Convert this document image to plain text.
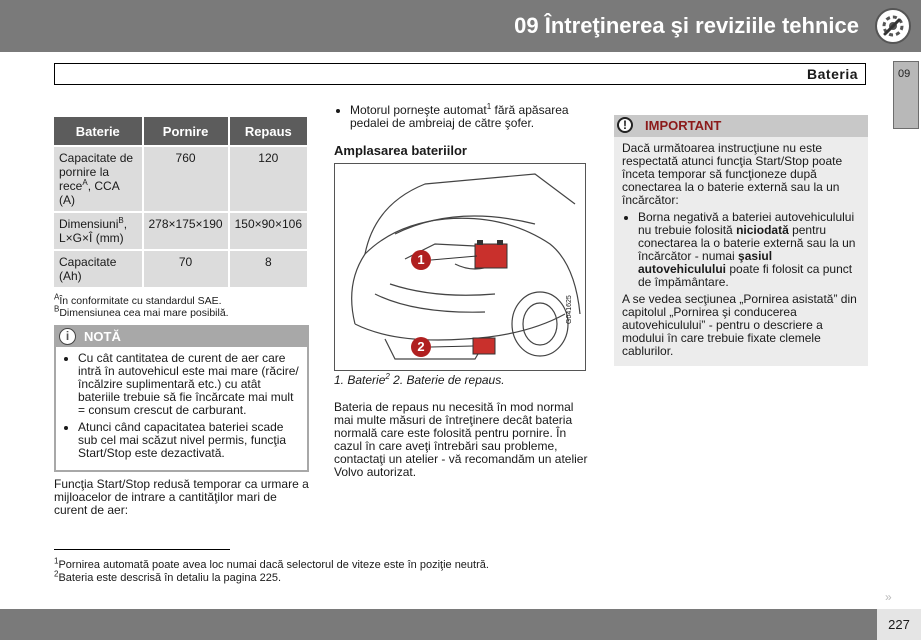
09 Întreţinerea şi reviziile tehnice
Bateria	09
Baterie	Pornire	Repaus
Capacitate de pornire la rece$^A$, CCA (A)	760	120
Dimensiuni$^B$, L×G×Î (mm)	278×175×190	150×90×106
Capacitate (Ah)	70	8
$^A$În conformitate cu standardul SAE.
$^B$Dimensiunea cea mai mare posibilă.
i	NOTĂ
• Cu cât cantitatea de curent de aer care intră în autovehicul este mai mare (răcire/încălzire suplimentară etc.) cu atât bateriile trebuie să fie încărcate mai mult = consum crescut de carburant.
• Atunci când capacitatea bateriei scade sub cel mai scăzut nivel permis, funcţia Start/Stop este dezactivată.
Funcţia Start/Stop redusă temporar ca urmare a mijloacelor de intrare a cantităţilor mari de curent de aer:
• Motorul porneşte automat$^1$ fără apăsarea pedalei de ambreiaj de către şofer.
Amplasarea bateriilor
1
2
G041625
1. Baterie$^2$ 2. Baterie de repaus.
Bateria de repaus nu necesită în mod normal mai multe măsuri de întreţinere decât bateria normală care este folosită pentru pornire. În cazul în care aveţi întrebări sau probleme, contactaţi un atelier - vă recomandăm un atelier Volvo autorizat.
!	IMPORTANT
Dacă următoarea instrucţiune nu este respectată atunci funcţia Start/Stop poate înceta temporar să funcţioneze după conectarea la o baterie externă sau la un încărcător:
• Borna negativă a bateriei autovehiculului nu trebuie folosită niciodată pentru conectarea la o baterie externă sau la un încărcător - numai şasiul autovehiculului poate fi folosit ca punct de împământare.
A se vedea secţiunea „Pornirea asistată” din capitolul „Pornirea şi conducerea autovehiculului” - pentru o descriere a modului în care trebuie fixate clemele cablurilor.
$^1$Pornirea automată poate avea loc numai dacă selectorul de viteze este în poziţie neutră.
$^2$Bateria este descrisă în detaliu la pagina 225.
»
227
